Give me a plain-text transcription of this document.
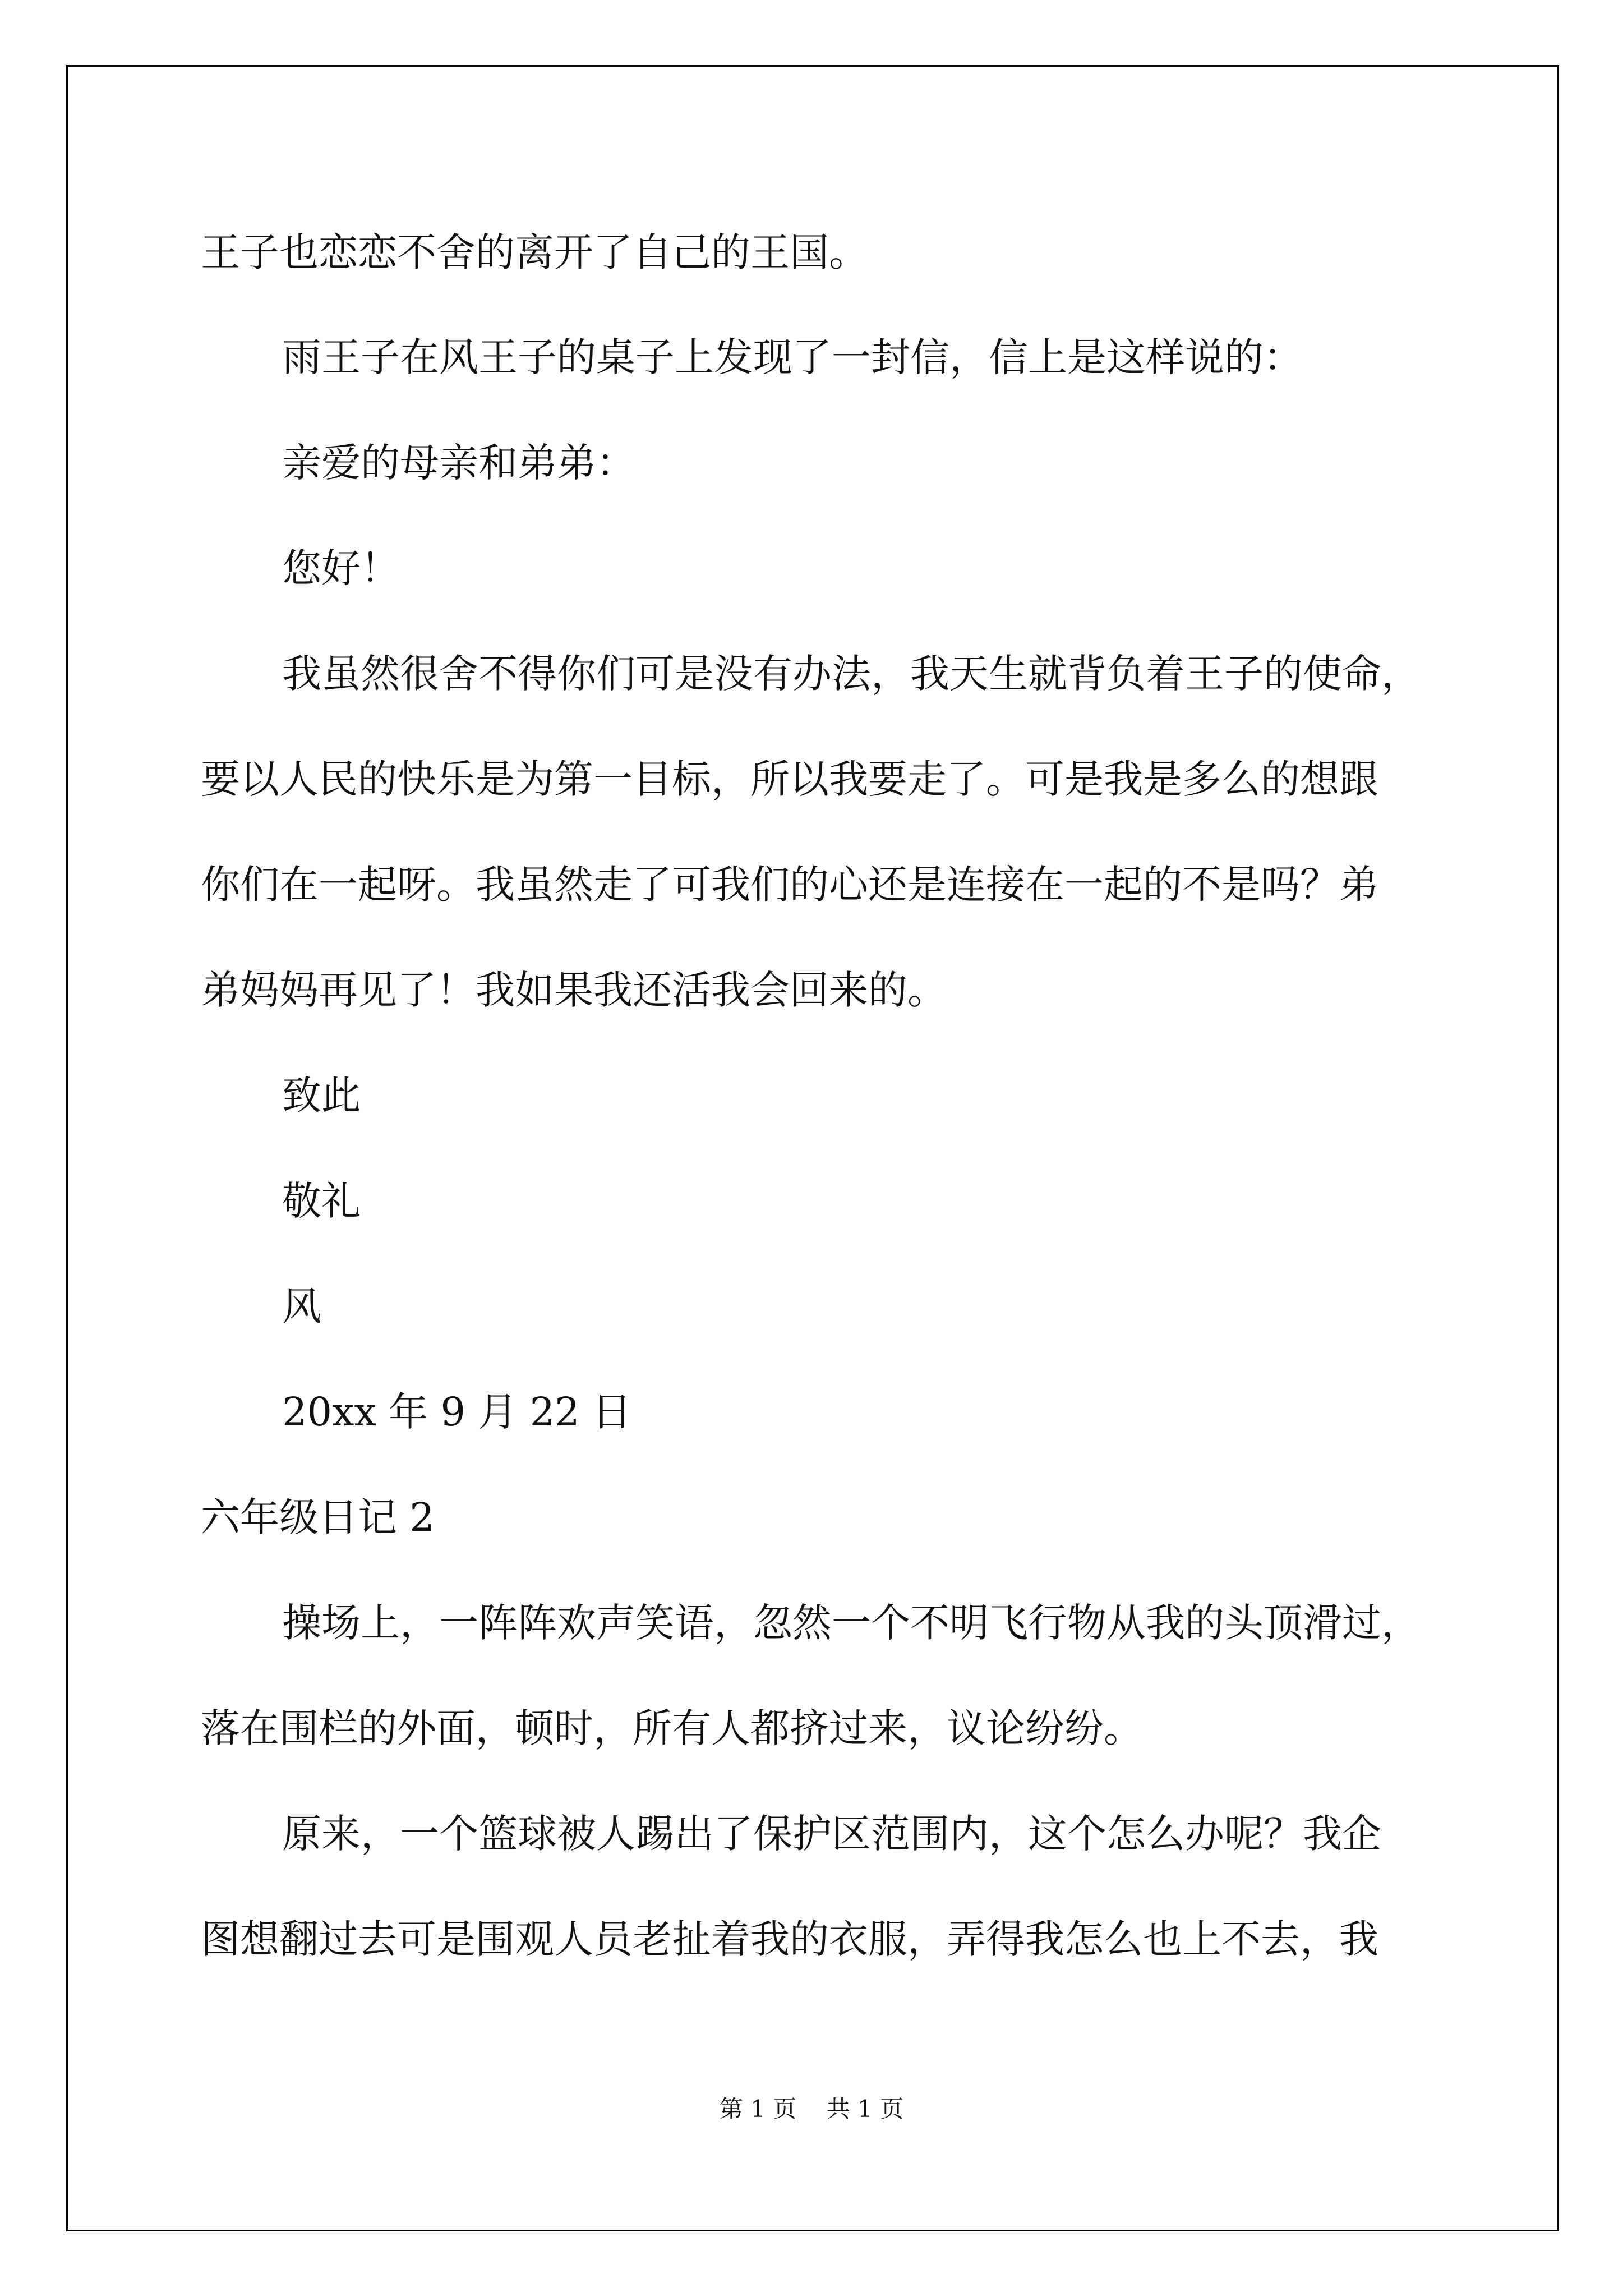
王子也恋恋不舍的离开了自己的王国。
雨王子在风王子的桌子上发现了一封信，信上是这样说的：
亲爱的母亲和弟弟：
您好！
我虽然很舍不得你们可是没有办法，我天生就背负着王子的使命，
要以人民的快乐是为第一目标，所以我要走了。可是我是多么的想跟
你们在一起呀。我虽然走了可我们的心还是连接在一起的不是吗？弟
弟妈妈再见了！我如果我还活我会回来的。
致此
敬礼
风
20xx 年 9 月 22 日
六年级日记 2
操场上，一阵阵欢声笑语，忽然一个不明飞行物从我的头顶滑过，
落在围栏的外面，顿时，所有人都挤过来，议论纷纷。
原来，一个篮球被人踢出了保护区范围内，这个怎么办呢？我企
图想翻过去可是围观人员老扯着我的衣服，弄得我怎么也上不去，我
第 1 页    共 1 页
